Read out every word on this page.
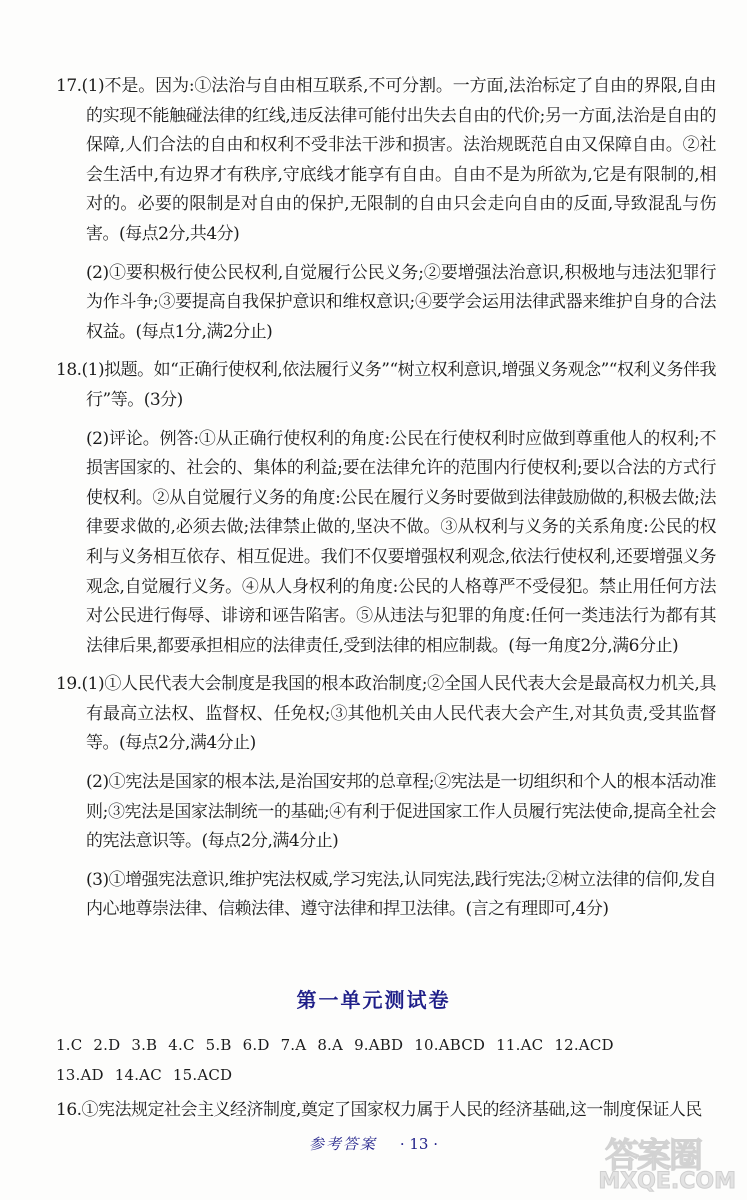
17.(1)不是。因为:①法治与自由相互联系,不可分割。一方面,法治标定了自由的界限,自由的实现不能触碰法律的红线,违反法律可能付出失去自由的代价;另一方面,法治是自由的保障,人们合法的自由和权利不受非法干涉和损害。法治规既范自由又保障自由。②社会生活中,有边界才有秩序,守底线才能享有自由。自由不是为所欲为,它是有限制的,相对的。必要的限制是对自由的保护,无限制的自由只会走向自由的反面,导致混乱与伤害。(每点2分,共4分)

(2)①要积极行使公民权利,自觉履行公民义务;②要增强法治意识,积极地与违法犯罪行为作斗争;③要提高自我保护意识和维权意识;④要学会运用法律武器来维护自身的合法权益。(每点1分,满2分止)

18.(1)拟题。如“正确行使权利,依法履行义务”“树立权利意识,增强义务观念”“权利义务伴我行”等。(3分)

(2)评论。例答:①从正确行使权利的角度:公民在行使权利时应做到尊重他人的权利;不损害国家的、社会的、集体的利益;要在法律允许的范围内行使权利;要以合法的方式行使权利。②从自觉履行义务的角度:公民在履行义务时要做到法律鼓励做的,积极去做;法律要求做的,必须去做;法律禁止做的,坚决不做。③从权利与义务的关系角度:公民的权利与义务相互依存、相互促进。我们不仅要增强权利观念,依法行使权利,还要增强义务观念,自觉履行义务。④从人身权利的角度:公民的人格尊严不受侵犯。禁止用任何方法对公民进行侮辱、诽谤和诬告陷害。⑤从违法与犯罪的角度:任何一类违法行为都有其法律后果,都要承担相应的法律责任,受到法律的相应制裁。(每一角度2分,满6分止)

19.(1)①人民代表大会制度是我国的根本政治制度;②全国人民代表大会是最高权力机关,具有最高立法权、监督权、任免权;③其他机关由人民代表大会产生,对其负责,受其监督等。(每点2分,满4分止)

(2)①宪法是国家的根本法,是治国安邦的总章程;②宪法是一切组织和个人的根本活动准则;③宪法是国家法制统一的基础;④有利于促进国家工作人员履行宪法使命,提高全社会的宪法意识等。(每点2分,满4分止)

(3)①增强宪法意识,维护宪法权威,学习宪法,认同宪法,践行宪法;②树立法律的信仰,发自内心地尊崇法律、信赖法律、遵守法律和捍卫法律。(言之有理即可,4分)

第一单元测试卷
1.C 2.D 3.B 4.C 5.B 6.D 7.A 8.A 9.ABD 10.ABCD 11.AC 12.ACD
13.AD 14.AC 15.ACD
16.①宪法规定社会主义经济制度,奠定了国家权力属于人民的经济基础,这一制度保证人民
参考答案 · 13 ·	答案圈
MXQE.COM
